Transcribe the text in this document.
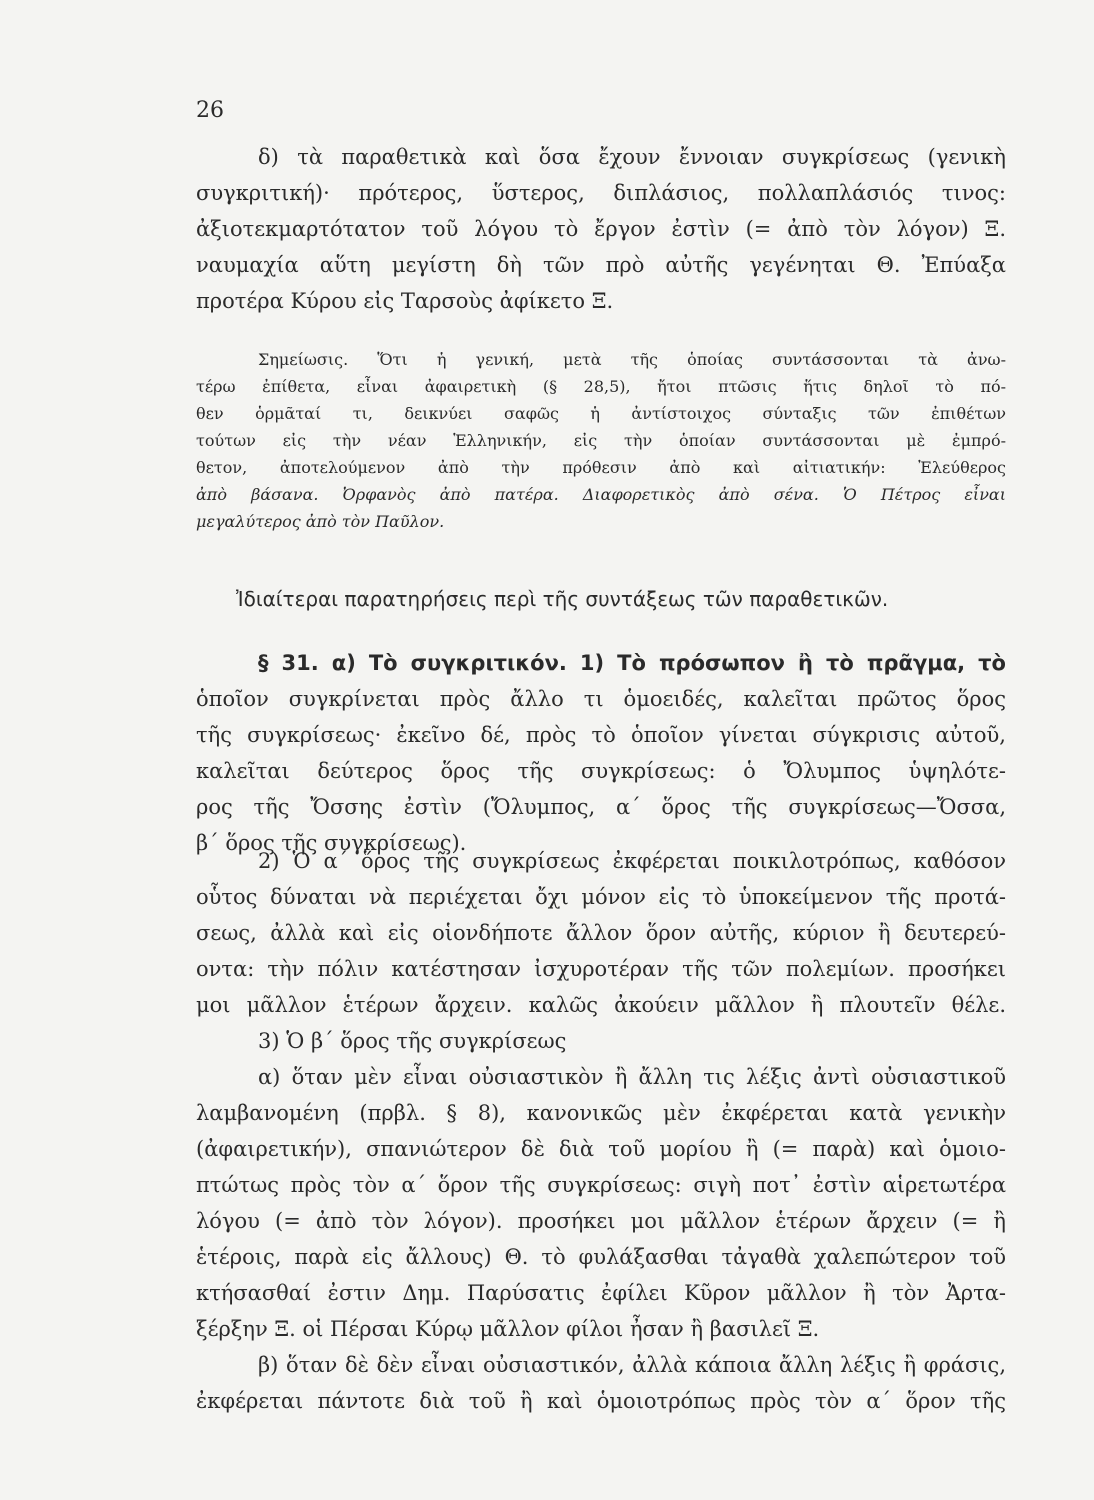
26
δ) τὰ παραθετικὰ καὶ ὅσα ἔχουν ἔννοιαν συγκρίσεως (γενικὴ
συγκριτική)· πρότερος, ὕστερος, διπλάσιος, πολλαπλάσιός τινος:
ἀξιοτεκμαρτότατον τοῦ λόγου τὸ ἔργον ἐστὶν (= ἀπὸ τὸν λόγον) Ξ.
ναυμαχία αὕτη μεγίστη δὴ τῶν πρὸ αὐτῆς γεγένηται Θ. Ἐπύαξα
προτέρα Κύρου εἰς Ταρσοὺς ἀφίκετο Ξ.
Σημείωσις. Ὅτι ἡ γενική, μετὰ τῆς ὁποίας συντάσσονται τὰ ἀνω-
τέρω ἐπίθετα, εἶναι ἀφαιρετικὴ (§ 28,5), ἤτοι πτῶσις ἥτις δηλοῖ τὸ πό-
θεν ὁρμᾶταί τι, δεικνύει σαφῶς ἡ ἀντίστοιχος σύνταξις τῶν ἐπιθέτων
τούτων εἰς τὴν νέαν Ἑλληνικήν, εἰς τὴν ὁποίαν συντάσσονται μὲ ἐμπρό-
θετον, ἀποτελούμενον ἀπὸ τὴν πρόθεσιν ἀπὸ καὶ αἰτιατικήν: Ἐλεύθερος
ἀπὸ βάσανα. Ὀρφανὸς ἀπὸ πατέρα. Διαφορετικὸς ἀπὸ σένα. Ὁ Πέτρος εἶναι
μεγαλύτερος ἀπὸ τὸν Παῦλον.
Ἰδιαίτεραι παρατηρήσεις περὶ τῆς συντάξεως τῶν παραθετικῶν.
§ 31. α) Τὸ συγκριτικόν. 1) Τὸ πρόσωπον ἢ τὸ πρᾶγμα, τὸ
ὁποῖον συγκρίνεται πρὸς ἄλλο τι ὁμοειδές, καλεῖται πρῶτος ὅρος
τῆς συγκρίσεως· ἐκεῖνο δέ, πρὸς τὸ ὁποῖον γίνεται σύγκρισις αὐτοῦ,
καλεῖται δεύτερος ὅρος τῆς συγκρίσεως: ὁ Ὄλυμπος ὑψηλότε-
ρος τῆς Ὄσσης ἐστὶν (Ὄλυμπος, α΄ ὅρος τῆς συγκρίσεως—Ὄσσα,
β΄ ὅρος τῆς συγκρίσεως).
2) Ὁ α΄ ὅρος τῆς συγκρίσεως ἐκφέρεται ποικιλοτρόπως, καθόσον
οὗτος δύναται νὰ περιέχεται ὄχι μόνον εἰς τὸ ὑποκείμενον τῆς προτά-
σεως, ἀλλὰ καὶ εἰς οἱονδήποτε ἄλλον ὅρον αὐτῆς, κύριον ἢ δευτερεύ-
οντα: τὴν πόλιν κατέστησαν ἰσχυροτέραν τῆς τῶν πολεμίων. προσήκει
μοι μᾶλλον ἑτέρων ἄρχειν. καλῶς ἀκούειν μᾶλλον ἢ πλουτεῖν θέλε.
3) Ὁ β΄ ὅρος τῆς συγκρίσεως
α) ὅταν μὲν εἶναι οὐσιαστικὸν ἢ ἄλλη τις λέξις ἀντὶ οὐσιαστικοῦ
λαμβανομένη (πρβλ. § 8), κανονικῶς μὲν ἐκφέρεται κατὰ γενικὴν
(ἀφαιρετικήν), σπανιώτερον δὲ διὰ τοῦ μορίου ἢ (= παρὰ) καὶ ὁμοιο-
πτώτως πρὸς τὸν α΄ ὅρον τῆς συγκρίσεως: σιγὴ ποτ᾽ ἐστὶν αἱρετωτέρα
λόγου (= ἀπὸ τὸν λόγον). προσήκει μοι μᾶλλον ἑτέρων ἄρχειν (= ἢ
ἑτέροις, παρὰ εἰς ἄλλους) Θ. τὸ φυλάξασθαι τἀγαθὰ χαλεπώτερον τοῦ
κτήσασθαί ἐστιν Δημ. Παρύσατις ἐφίλει Κῦρον μᾶλλον ἢ τὸν Ἀρτα-
ξέρξην Ξ. οἱ Πέρσαι Κύρῳ μᾶλλον φίλοι ἦσαν ἢ βασιλεῖ Ξ.
β) ὅταν δὲ δὲν εἶναι οὐσιαστικόν, ἀλλὰ κάποια ἄλλη λέξις ἢ φράσις,
ἐκφέρεται πάντοτε διὰ τοῦ ἢ καὶ ὁμοιοτρόπως πρὸς τὸν α΄ ὅρον τῆς
